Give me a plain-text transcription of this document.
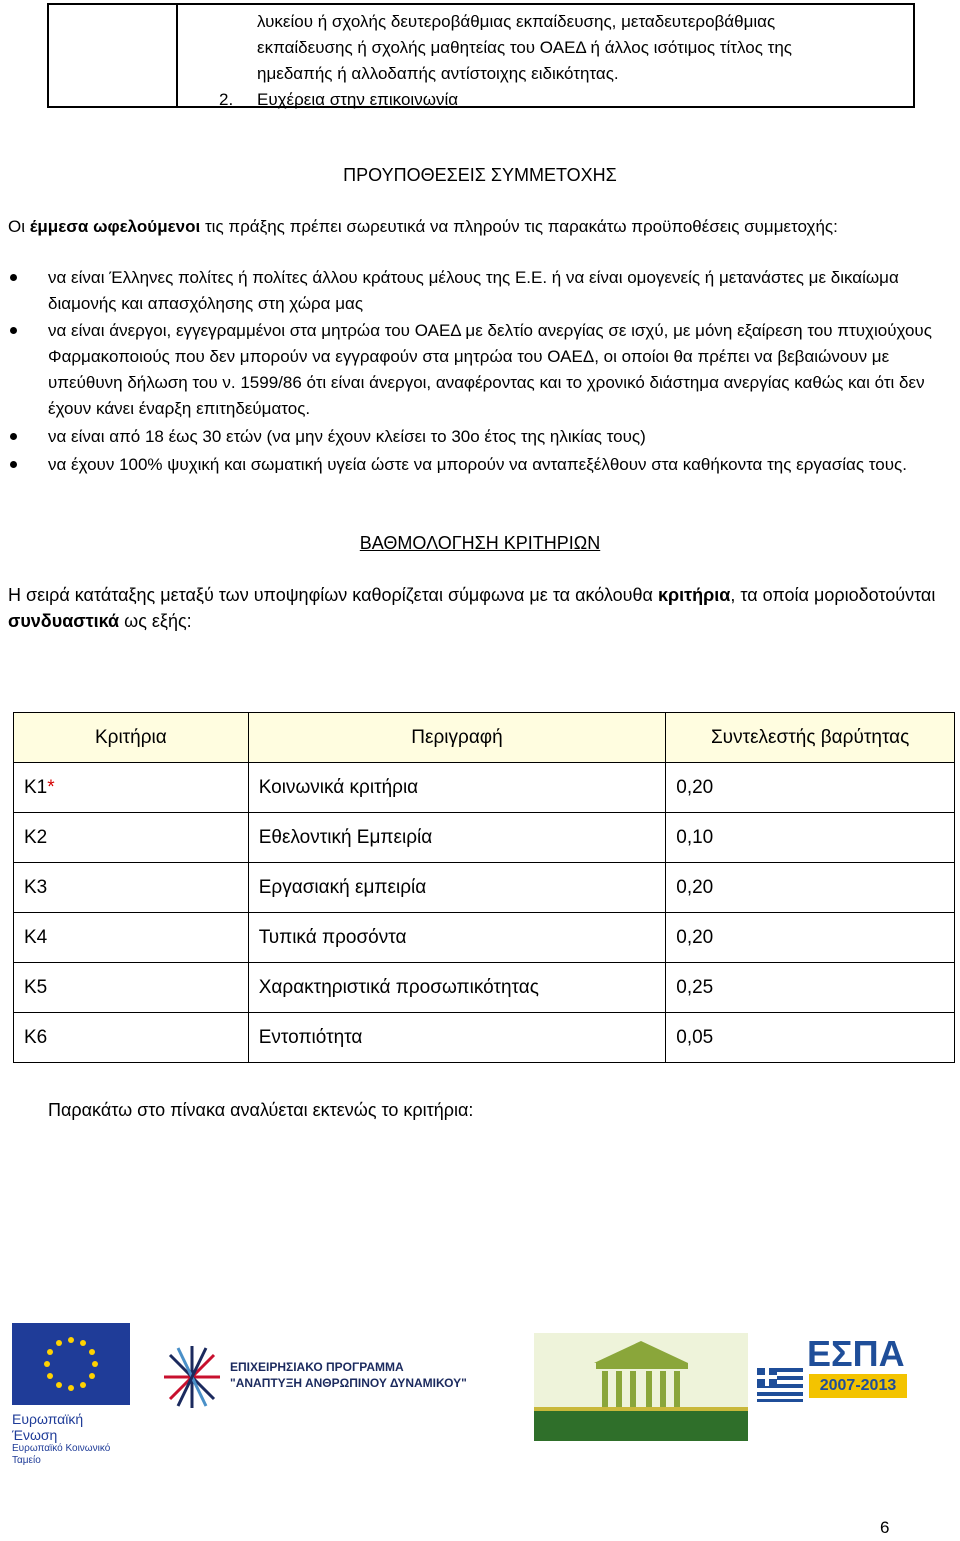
λυκείου ή σχολής δευτεροβάθμιας εκπαίδευσης, μεταδευτεροβάθμιας
εκπαίδευσης ή σχολής μαθητείας του ΟΑΕΔ ή άλλος ισότιμος τίτλος της
ημεδαπής ή αλλοδαπής αντίστοιχης ειδικότητας.
2. Ευχέρεια στην επικοινωνία
ΠΡΟΥΠΟΘΕΣΕΙΣ ΣΥΜΜΕΤΟΧΗΣ
Οι έμμεσα ωφελούμενοι τις πράξης πρέπει σωρευτικά να πληρούν τις παρακάτω προϋποθέσεις συμμετοχής:
να είναι Έλληνες πολίτες ή πολίτες άλλου κράτους μέλους της Ε.Ε. ή να είναι ομογενείς ή μετανάστες με δικαίωμα διαμονής και απασχόλησης στη χώρα μας
να είναι άνεργοι, εγγεγραμμένοι στα μητρώα του ΟΑΕΔ με δελτίο ανεργίας σε ισχύ, με μόνη εξαίρεση του πτυχιούχους Φαρμακοποιούς που δεν μπορούν να εγγραφούν στα μητρώα του ΟΑΕΔ, οι οποίοι θα πρέπει να βεβαιώνουν με υπεύθυνη δήλωση του ν. 1599/86 ότι είναι άνεργοι, αναφέροντας και το χρονικό διάστημα ανεργίας καθώς και ότι δεν έχουν κάνει έναρξη επιτηδεύματος.
να είναι από 18 έως 30 ετών (να μην έχουν κλείσει το 30ο έτος της ηλικίας τους)
να έχουν 100% ψυχική και σωματική υγεία ώστε να μπορούν να ανταπεξέλθουν στα καθήκοντα της εργασίας τους.
ΒΑΘΜΟΛΟΓΗΣΗ ΚΡΙΤΗΡΙΩΝ
Η σειρά κατάταξης μεταξύ των υποψηφίων καθορίζεται σύμφωνα με τα ακόλουθα κριτήρια, τα οποία μοριοδοτούνται συνδυαστικά ως εξής:
Κριτήρια	Περιγραφή	Συντελεστής βαρύτητας
Κ1*	Κοινωνικά κριτήρια	0,20
Κ2	Εθελοντική Εμπειρία	0,10
Κ3	Εργασιακή εμπειρία	0,20
Κ4	Τυπικά προσόντα	0,20
Κ5	Χαρακτηριστικά προσωπικότητας	0,25
Κ6	Εντοπιότητα	0,05
Παρακάτω στο πίνακα αναλύεται εκτενώς το κριτήρια:
Ευρωπαϊκή Ένωση
Ευρωπαϊκό Κοινωνικό Ταμείο
ΕΠΙΧΕΙΡΗΣΙΑΚΟ ΠΡΟΓΡΑΜΜΑ
"ΑΝΑΠΤΥΞΗ ΑΝΘΡΩΠΙΝΟΥ ΔΥΝΑΜΙΚΟΥ"
ΕΣΠΑ
2007-2013
6
